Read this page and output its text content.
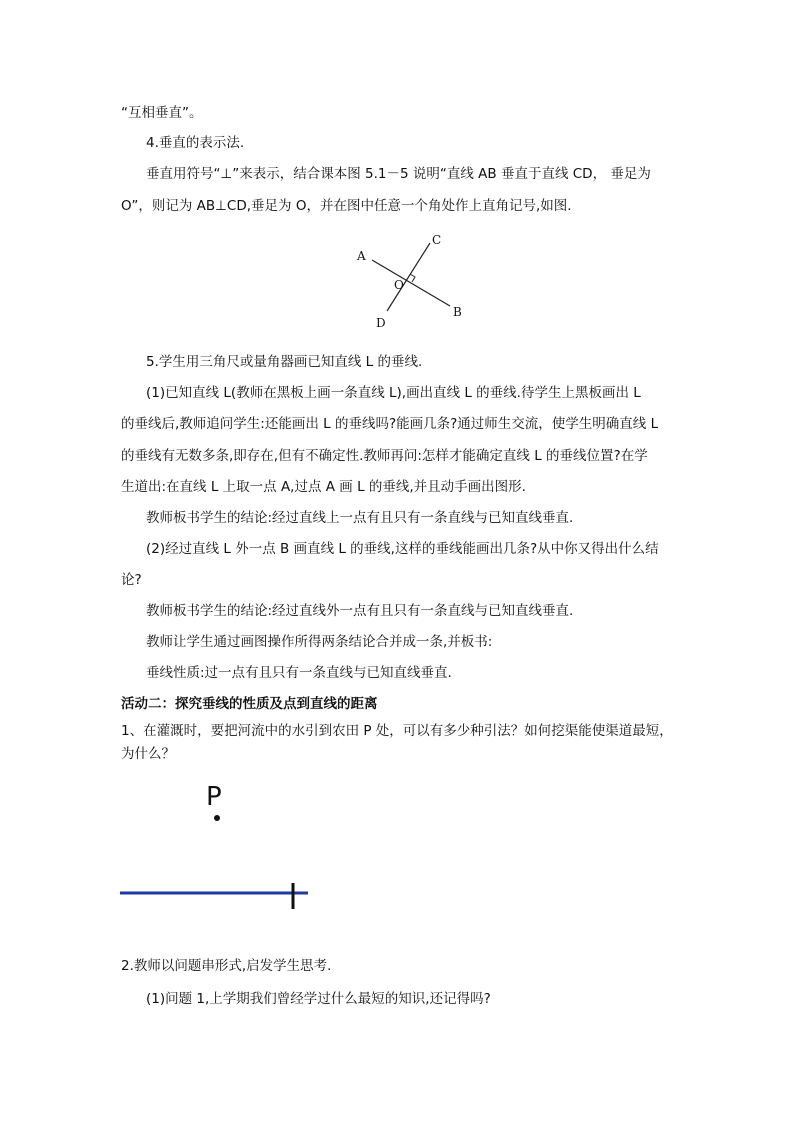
“互相垂直”。
4.垂直的表示法.
垂直用符号“⊥”来表示，结合课本图 5.1－5 说明“直线 AB 垂直于直线 CD， 垂足为
O”，则记为 AB⊥CD,垂足为 O，并在图中任意一个角处作上直角记号,如图.
A
C
O
D
B
5.学生用三角尺或量角器画已知直线 L 的垂线.
(1)已知直线 L(教师在黑板上画一条直线 L),画出直线 L 的垂线.待学生上黑板画出 L
的垂线后,教师追问学生:还能画出 L 的垂线吗?能画几条?通过师生交流，使学生明确直线 L
的垂线有无数多条,即存在,但有不确定性.教师再问:怎样才能确定直线 L 的垂线位置?在学
生道出:在直线 L 上取一点 A,过点 A 画 L 的垂线,并且动手画出图形.
教师板书学生的结论:经过直线上一点有且只有一条直线与已知直线垂直.
(2)经过直线 L 外一点 B 画直线 L 的垂线,这样的垂线能画出几条?从中你又得出什么结
论?
教师板书学生的结论:经过直线外一点有且只有一条直线与已知直线垂直.
教师让学生通过画图操作所得两条结论合并成一条,并板书:
垂线性质:过一点有且只有一条直线与已知直线垂直.
活动二：探究垂线的性质及点到直线的距离
1、在灌溉时，要把河流中的水引到农田 P 处，可以有多少种引法？如何挖渠能使渠道最短，
为什么？
P
2.教师以问题串形式,启发学生思考.
(1)问题 1,上学期我们曾经学过什么最短的知识,还记得吗?
